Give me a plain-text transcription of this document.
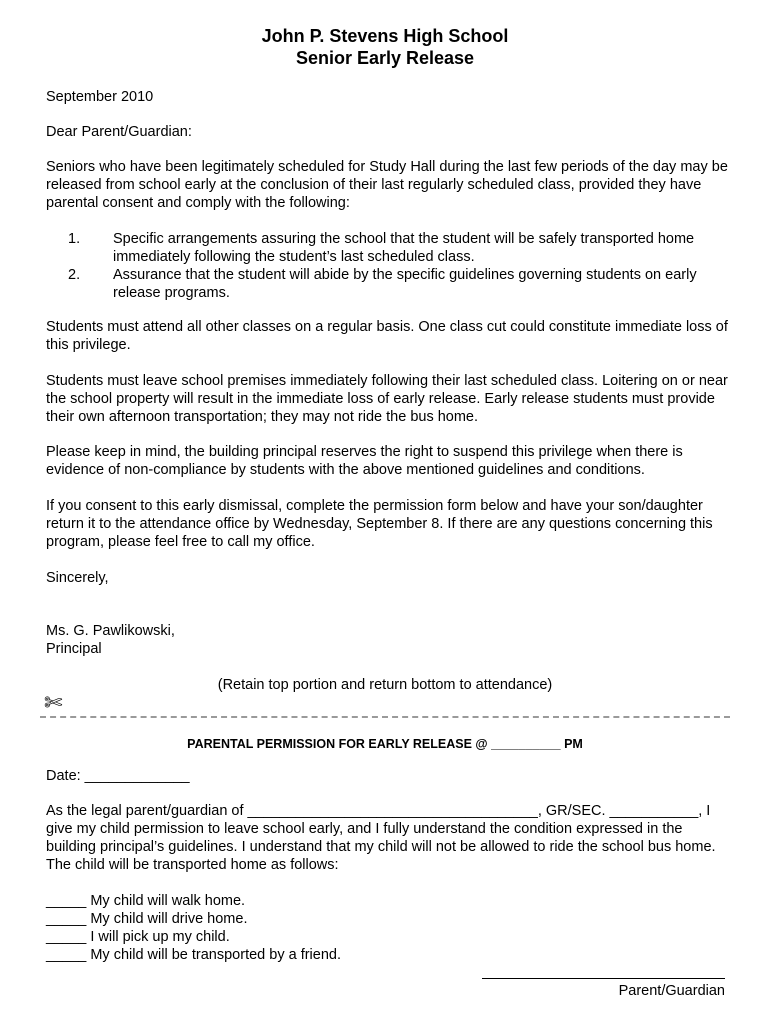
John P. Stevens High School
Senior Early Release

September 2010

Dear Parent/Guardian:

Seniors who have been legitimately scheduled for Study Hall during the last few periods of the day may be released from school early at the conclusion of their last regularly scheduled class, provided they have parental consent and comply with the following:

1. Specific arrangements assuring the school that the student will be safely transported home immediately following the student’s last scheduled class.
2. Assurance that the student will abide by the specific guidelines governing students on early release programs.

Students must attend all other classes on a regular basis. One class cut could constitute immediate loss of this privilege.

Students must leave school premises immediately following their last scheduled class. Loitering on or near the school property will result in the immediate loss of early release. Early release students must provide their own afternoon transportation; they may not ride the bus home.

Please keep in mind, the building principal reserves the right to suspend this privilege when there is evidence of non-compliance by students with the above mentioned guidelines and conditions.

If you consent to this early dismissal, complete the permission form below and have your son/daughter return it to the attendance office by Wednesday, September 8. If there are any questions concerning this program, please feel free to call my office.

Sincerely,

Ms. G. Pawlikowski,

Principal

(Retain top portion and return bottom to attendance)
✄
PARENTAL PERMISSION FOR EARLY RELEASE @ __________ PM

Date: _____________

As the legal parent/guardian of ____________________________________, GR/SEC. ___________, I give my child permission to leave school early, and I fully understand the condition expressed in the building principal’s guidelines. I understand that my child will not be allowed to ride the school bus home. The child will be transported home as follows:

_____ My child will walk home.

_____ My child will drive home.

_____ I will pick up my child.

_____ My child will be transported by a friend.

Parent/Guardian
